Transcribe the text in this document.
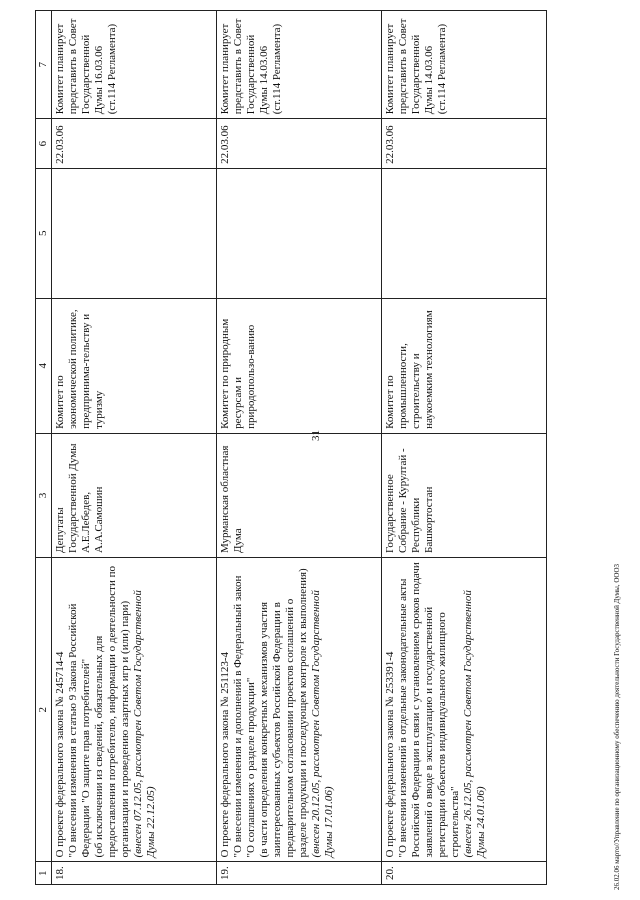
31
1	2	3	4	5	6	7
18.	О проекте федерального закона № 245714-4 "О внесении изменения в статью 9 Закона Российской Федерации "О защите прав потребителей" (об исключении из сведений, обязательных для предоставления потребителю, информации о деятельности по организации и проведению азартных игр и (или) пари) (внесен 07.12.05, рассмотрен Советом Государственной Думы 22.12.05)	Депутаты Государственной Думы А.Е.Лебедев, А.А.Самошин	Комитет по экономической политике, предпринима-тельству и туризму		22.03.06	Комитет планирует представить в Совет Государственной Думы 16.03.06 (ст.114 Регламента)
19.	О проекте федерального закона № 251123-4 "О внесении изменения и дополнений в Федеральный закон "О соглашениях о разделе продукции" (в части определения конкретных механизмов участия заинтересованных субъектов Российской Федерации в предварительном согласовании проектов соглашений о разделе продукции и последующем контроле их выполнения) (внесен 20.12.05, рассмотрен Советом Государственной Думы 17.01.06)	Мурманская областная Дума	Комитет по природным ресурсам и природопользо-ванию		22.03.06	Комитет планирует представить в Совет Государственной Думы 14.03.06 (ст.114 Регламента)
20.	О проекте федерального закона № 253391-4 "О внесении изменений в отдельные законодательные акты Российской Федерации в связи с установлением сроков подачи заявлений о вводе в эксплуатацию и государственной регистрации объектов индивидуального жилищного строительства" (внесен 26.12.05, рассмотрен Советом Государственной Думы 24.01.06)	Государственное Собрание - Курултай - Республики Башкортостан	Комитет по промышленности, строительству и наукоемким технологиям		22.03.06	Комитет планирует представить в Совет Государственной Думы 14.03.06 (ст.114 Регламента)
26.02.06 марто//Управление по организационному обеспечению деятельности Государственной Думы, ООО3
